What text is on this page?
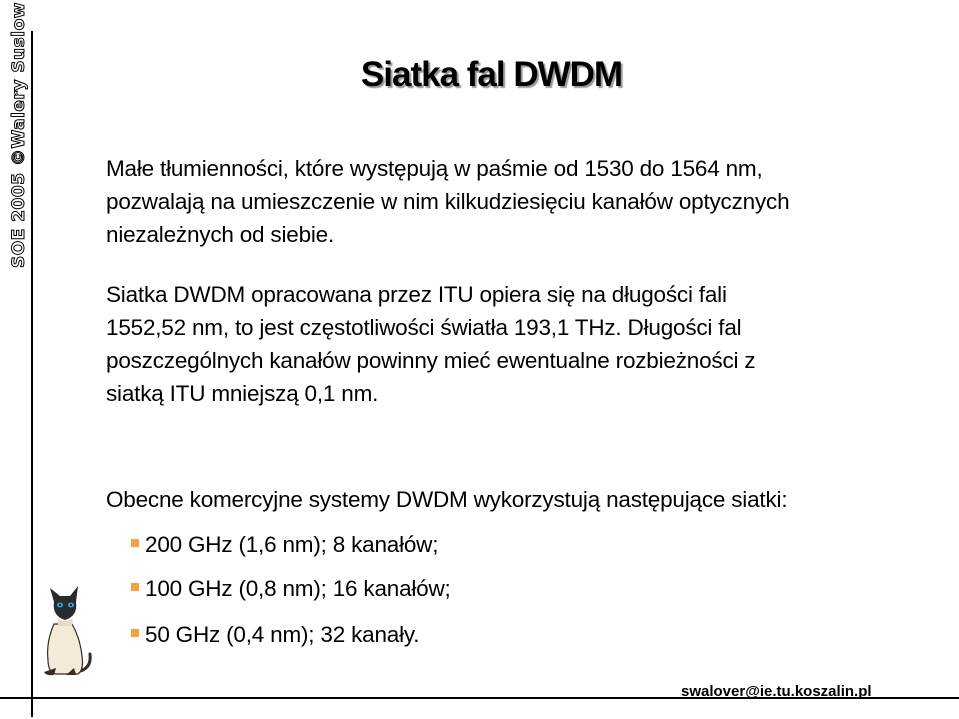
SOE 2005 ©Walery Suslow	Siatka fal DWDM

Małe tłumienności, które występują w paśmie od 1530 do 1564 nm,
pozwalają na umieszczenie w nim kilkudziesięciu kanałów optycznych
niezależnych od siebie.

Siatka DWDM opracowana przez ITU opiera się na długości fali
1552,52 nm, to jest częstotliwości światła 193,1 THz. Długości fal
poszczególnych kanałów powinny mieć ewentualne rozbieżności z
siatką ITU mniejszą 0,1 nm.

Obecne komercyjne systemy DWDM wykorzystują następujące siatki:

200 GHz (1,6 nm); 8 kanałów;
100 GHz (0,8 nm); 16 kanałów;
50 GHz (0,4 nm); 32 kanały.
swalover@ie.tu.koszalin.pl
